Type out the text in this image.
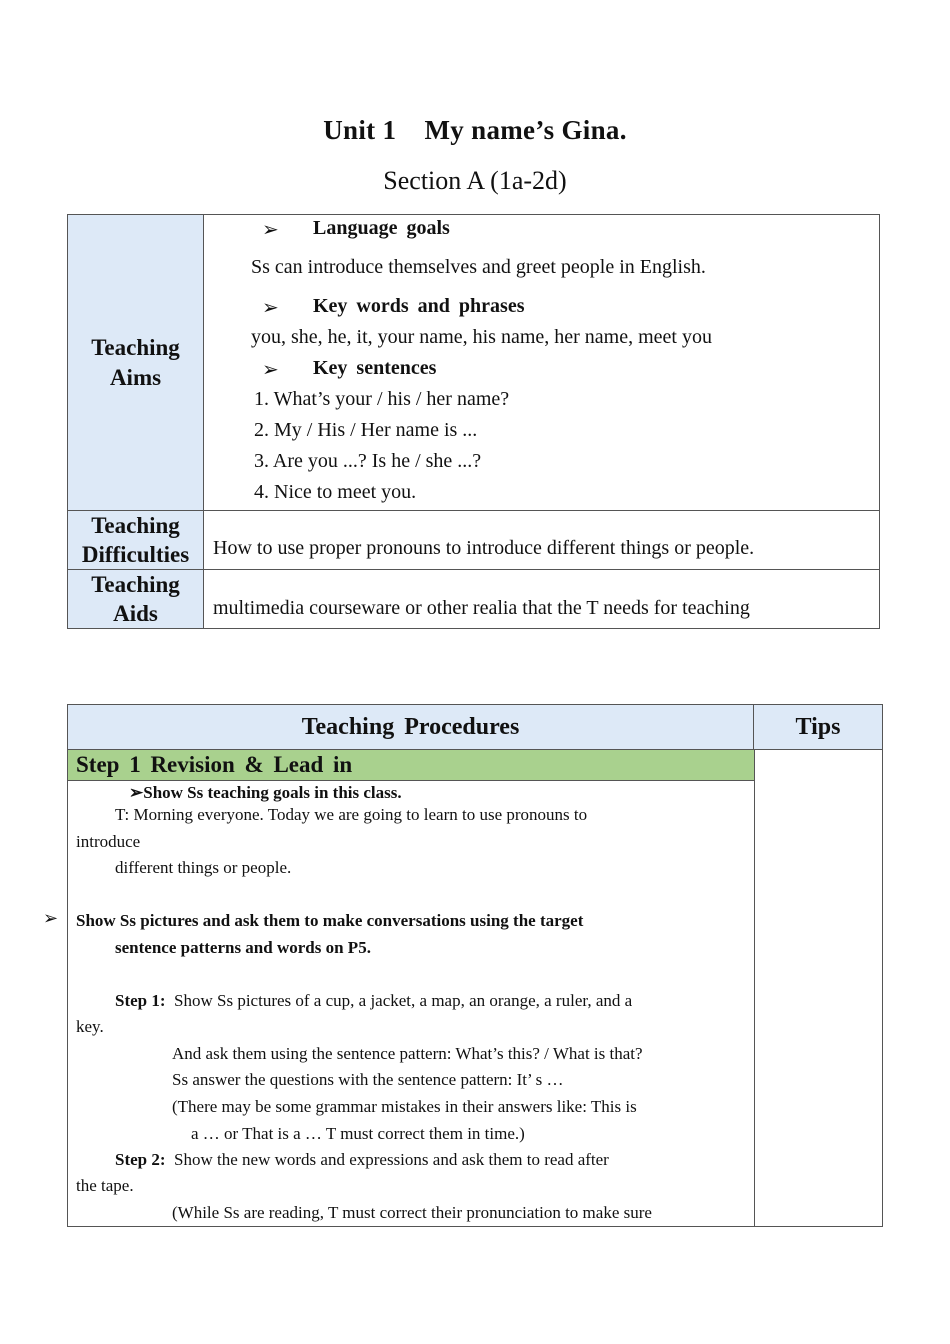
Unit 1    My name’s Gina.
Section A (1a-2d)
Teaching Aims
Teaching Difficulties
Teaching Aids
➢ Language goals
Ss can introduce themselves and greet people in English.
➢ Key words and phrases
you, she, he, it, your name, his name, her name, meet you
➢ Key sentences
1. What’s your / his / her name?
2. My / His / Her name is ...
3. Are you ...? Is he / she ...?
4. Nice to meet you.
How to use proper pronouns to introduce different things or people.
multimedia courseware or other realia that the T needs for teaching
Teaching Procedures	Tips
Step 1 Revision & Lead in
➢Show Ss teaching goals in this class.
T: Morning everyone. Today we are going to learn to use pronouns to
introduce
different things or people.
Show Ss pictures and ask them to make conversations using the target
sentence patterns and words on P5.
Step 1: Show Ss pictures of a cup, a jacket, a map, an orange, a ruler, and a
key.
And ask them using the sentence pattern: What’s this? / What is that?
Ss answer the questions with the sentence pattern: It’ s …
(There may be some grammar mistakes in their answers like: This is
a … or That is a … T must correct them in time.)
Step 2: Show the new words and expressions and ask them to read after
the tape.
(While Ss are reading, T must correct their pronunciation to make sure
➢
